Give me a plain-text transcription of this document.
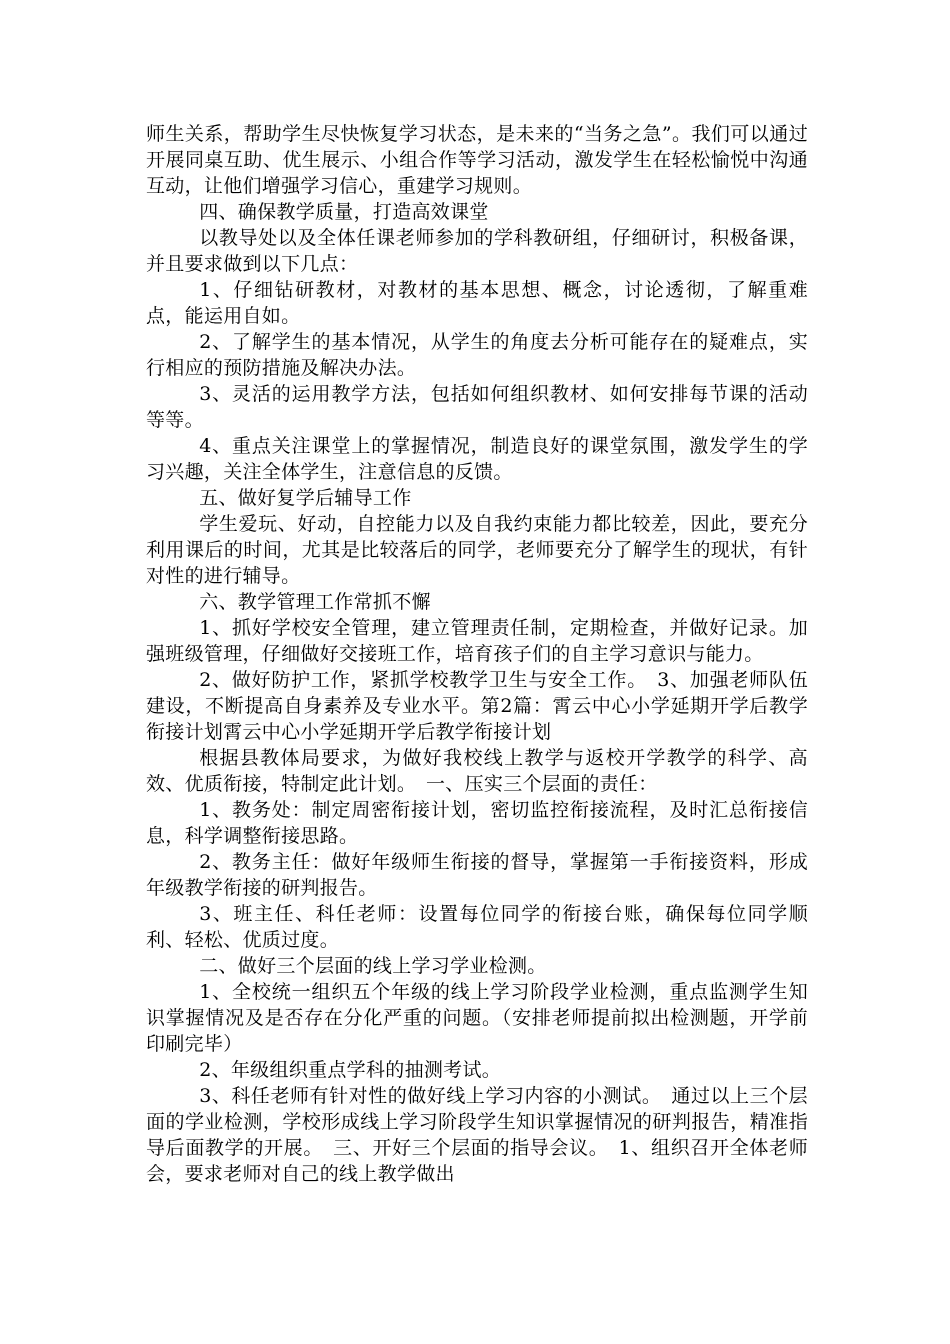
师生关系，帮助学生尽快恢复学习状态，是未来的“当务之急”。我们可以通过开展同桌互助、优生展示、小组合作等学习活动，激发学生在轻松愉悦中沟通互动，让他们增强学习信心，重建学习规则。

四、确保教学质量，打造高效课堂

以教导处以及全体任课老师参加的学科教研组，仔细研讨，积极备课，并且要求做到以下几点：

1、仔细钻研教材，对教材的基本思想、概念，讨论透彻，了解重难点，能运用自如。

2、了解学生的基本情况，从学生的角度去分析可能存在的疑难点，实行相应的预防措施及解决办法。

3、灵活的运用教学方法，包括如何组织教材、如何安排每节课的活动等等。

4、重点关注课堂上的掌握情况，制造良好的课堂氛围，激发学生的学习兴趣，关注全体学生，注意信息的反馈。

五、做好复学后辅导工作

学生爱玩、好动，自控能力以及自我约束能力都比较差，因此，要充分利用课后的时间，尤其是比较落后的同学，老师要充分了解学生的现状，有针对性的进行辅导。

六、教学管理工作常抓不懈

1、抓好学校安全管理，建立管理责任制，定期检查，并做好记录。加强班级管理，仔细做好交接班工作，培育孩子们的自主学习意识与能力。

2、做好防护工作，紧抓学校教学卫生与安全工作。　3、加强老师队伍建设，不断提高自身素养及专业水平。第2篇：霄云中心小学延期开学后教学衔接计划霄云中心小学延期开学后教学衔接计划

根据县教体局要求，为做好我校线上教学与返校开学教学的科学、高效、优质衔接，特制定此计划。　一、压实三个层面的责任：

1、教务处：制定周密衔接计划，密切监控衔接流程，及时汇总衔接信息，科学调整衔接思路。

2、教务主任：做好年级师生衔接的督导，掌握第一手衔接资料，形成年级教学衔接的研判报告。

3、班主任、科任老师：设置每位同学的衔接台账，确保每位同学顺利、轻松、优质过度。

二、做好三个层面的线上学习学业检测。

1、全校统一组织五个年级的线上学习阶段学业检测，重点监测学生知识掌握情况及是否存在分化严重的问题。（安排老师提前拟出检测题，开学前印刷完毕）

2、年级组织重点学科的抽测考试。

3、科任老师有针对性的做好线上学习内容的小测试。　通过以上三个层面的学业检测，学校形成线上学习阶段学生知识掌握情况的研判报告，精准指导后面教学的开展。　三、开好三个层面的指导会议。　1、组织召开全体老师会，要求老师对自己的线上教学做出
